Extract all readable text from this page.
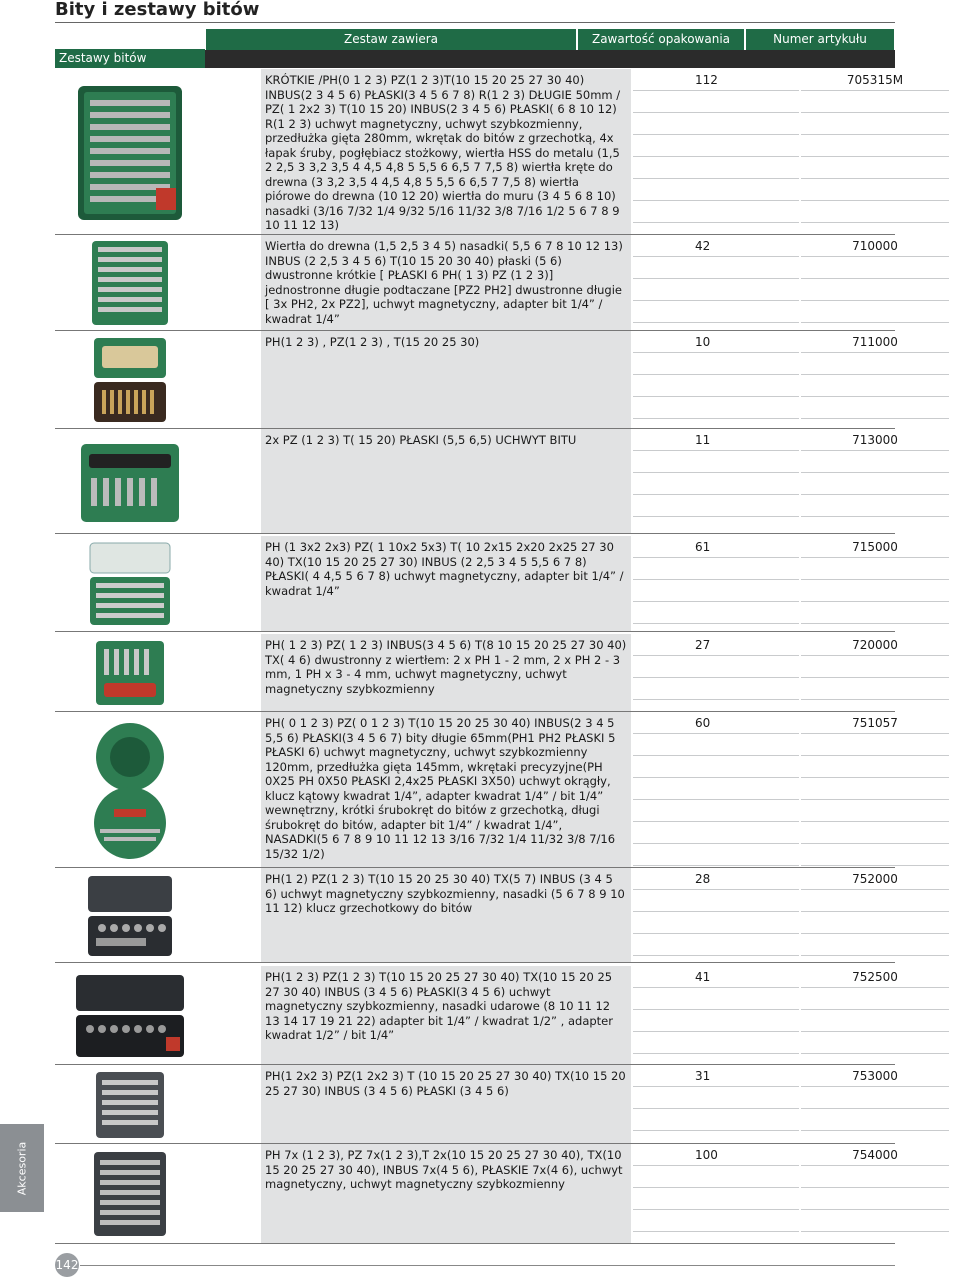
Bity i zestawy bitów
Zestaw zawiera	Zawartość opakowania	Numer artykułu
Zestawy bitów
KRÓTKIE /PH(0 1 2 3) PZ(1 2 3)T(10 15 20 25 27 30 40) INBUS(2 3 4 5 6) PŁASKI(3 4 5 6 7 8) R(1 2 3) DŁUGIE 50mm / PZ( 1 2x2 3) T(10 15 20) INBUS(2 3 4 5 6) PŁASKI( 6 8 10 12) R(1 2 3) uchwyt magnetyczny, uchwyt szybkozmienny, przedłużka gięta 280mm, wkrętak do bitów z grzechotką, 4x łapak śruby, pogłębiacz stożkowy, wiertła HSS do metalu (1,5 2 2,5 3 3,2 3,5 4 4,5 4,8 5 5,5 6 6,5 7 7,5 8) wiertła kręte do drewna (3 3,2 3,5 4 4,5 4,8 5 5,5 6 6,5 7 7,5 8) wiertła piórowe do drewna (10 12 20) wiertła do muru (3 4 5 6 8 10) nasadki (3/16 7/32 1/4 9/32 5/16 11/32 3/8 7/16 1/2 5 6 7 8 9 10 11 12 13)
112	705315M
Wiertła do drewna (1,5 2,5 3 4 5) nasadki( 5,5 6 7 8 10 12 13) INBUS (2 2,5 3 4 5 6) T(10 15 20 30 40) płaski (5 6) dwustronne krótkie [ PŁASKI 6 PH( 1 3) PZ (1 2 3)] jednostronne długie podtaczane [PZ2 PH2] dwustronne długie [ 3x PH2, 2x PZ2], uchwyt magnetyczny, adapter bit 1/4” / kwadrat 1/4”
42	710000
PH(1 2 3) , PZ(1 2 3) , T(15 20 25 30)	10	711000
2x PZ (1 2 3) T( 15 20) PŁASKI (5,5 6,5) UCHWYT BITU	11	713000
PH (1 3x2 2x3) PZ( 1 10x2 5x3) T( 10 2x15 2x20 2x25 27 30 40) TX(10 15 20 25 27 30) INBUS (2 2,5 3 4 5 5,5 6 7 8) PŁASKI( 4 4,5 5 6 7 8) uchwyt magnetyczny, adapter bit 1/4” / kwadrat 1/4”
61	715000
PH( 1 2 3) PZ( 1 2 3) INBUS(3 4 5 6) T(8 10 15 20 25 27 30 40) TX( 4 6) dwustronny z wiertłem: 2 x PH 1 - 2 mm, 2 x PH 2 - 3 mm, 1 PH x 3 - 4 mm, uchwyt magnetyczny, uchwyt magnetyczny szybkozmienny
27	720000
PH( 0 1 2 3) PZ( 0 1 2 3) T(10 15 20 25 30 40) INBUS(2 3 4 5 5,5 6) PŁASKI(3 4 5 6 7) bity długie 65mm(PH1 PH2 PŁASKI 5 PŁASKI 6) uchwyt magnetyczny, uchwyt szybkozmienny 120mm, przedłużka gięta 145mm, wkrętaki precyzyjne(PH 0X25 PH 0X50 PŁASKI 2,4x25 PŁASKI 3X50) uchwyt okrągły, klucz kątowy kwadrat 1/4”, adapter kwadrat 1/4” / bit 1/4” wewnętrzny, krótki śrubokręt do bitów z grzechotką, długi śrubokręt do bitów, adapter bit 1/4” / kwadrat 1/4”, NASADKI(5 6 7 8 9 10 11 12 13 3/16 7/32 1/4 11/32 3/8 7/16 15/32 1/2)
60	751057
PH(1 2) PZ(1 2 3) T(10 15 20 25 30 40) TX(5 7) INBUS (3 4 5 6) uchwyt magnetyczny szybkozmienny, nasadki (5 6 7 8 9 10 11 12) klucz grzechotkowy do bitów
28	752000
PH(1 2 3) PZ(1 2 3) T(10 15 20 25 27 30 40) TX(10 15 20 25 27 30 40) INBUS (3 4 5 6) PŁASKI(3 4 5 6) uchwyt magnetyczny szybkozmienny, nasadki udarowe (8 10 11 12 13 14 17 19 21 22) adapter bit 1/4” / kwadrat 1/2” , adapter kwadrat 1/2” / bit 1/4”
41	752500
PH(1 2x2 3) PZ(1 2x2 3) T (10 15 20 25 27 30 40) TX(10 15 20 25 27 30) INBUS (3 4 5 6) PŁASKI (3 4 5 6)
31	753000
PH 7x (1 2 3), PZ 7x(1 2 3),T 2x(10 15 20 25 27 30 40), TX(10 15 20 25 27 30 40), INBUS 7x(4 5 6), PŁASKIE 7x(4 6), uchwyt magnetyczny, uchwyt magnetyczny szybkozmienny
100	754000
Akcesoria
142
